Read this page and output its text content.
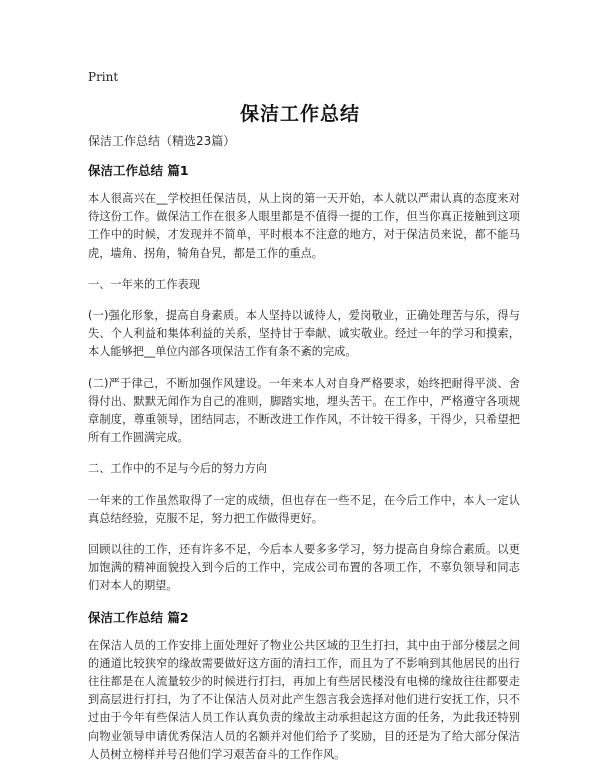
Print
保洁工作总结
保洁工作总结（精选23篇）
保洁工作总结 篇1

本人很高兴在__学校担任保洁员，从上岗的第一天开始，本人就以严肃认真的态度来对待这份工作。做保洁工作在很多人眼里都是不值得一提的工作，但当你真正接触到这项工作中的时候，才发现并不简单，平时根本不注意的地方，对于保洁员来说，都不能马虎，墙角、拐角，犄角旮旯，都是工作的重点。

一、一年来的工作表现

(一)强化形象，提高自身素质。本人坚持以诚待人，爱岗敬业，正确处理苦与乐，得与失、个人利益和集体利益的关系，坚持甘于奉献、诚实敬业。经过一年的学习和摸索，本人能够把__单位内部各项保洁工作有条不紊的完成。

(二)严于律己，不断加强作风建设。一年来本人对自身严格要求，始终把耐得平淡、舍得付出、默默无闻作为自己的准则，脚踏实地，埋头苦干。在工作中，严格遵守各项规章制度，尊重领导，团结同志，不断改进工作作风，不计较干得多，干得少，只希望把所有工作圆满完成。

二、工作中的不足与今后的努力方向

一年来的工作虽然取得了一定的成绩，但也存在一些不足，在今后工作中，本人一定认真总结经验，克服不足，努力把工作做得更好。

回顾以往的工作，还有许多不足，今后本人要多多学习，努力提高自身综合素质。以更加饱满的精神面貌投入到今后的工作中，完成公司布置的各项工作，不辜负领导和同志们对本人的期望。

保洁工作总结 篇2

在保洁人员的工作安排上面处理好了物业公共区域的卫生打扫，其中由于部分楼层之间的通道比较狭窄的缘故需要做好这方面的清扫工作，而且为了不影响到其他居民的出行往往都是在人流量较少的时候进行打扫，再加上有些居民楼没有电梯的缘故往往都要走到高层进行打扫，为了不让保洁人员对此产生怨言我会选择对他们进行安抚工作，只不过由于今年有些保洁人员工作认真负责的缘故主动承担起这方面的任务，为此我还特别向物业领导申请优秀保洁人员的名额并对他们给予了奖励，目的还是为了给大部分保洁人员树立榜样并号召他们学习艰苦奋斗的工作作风。
